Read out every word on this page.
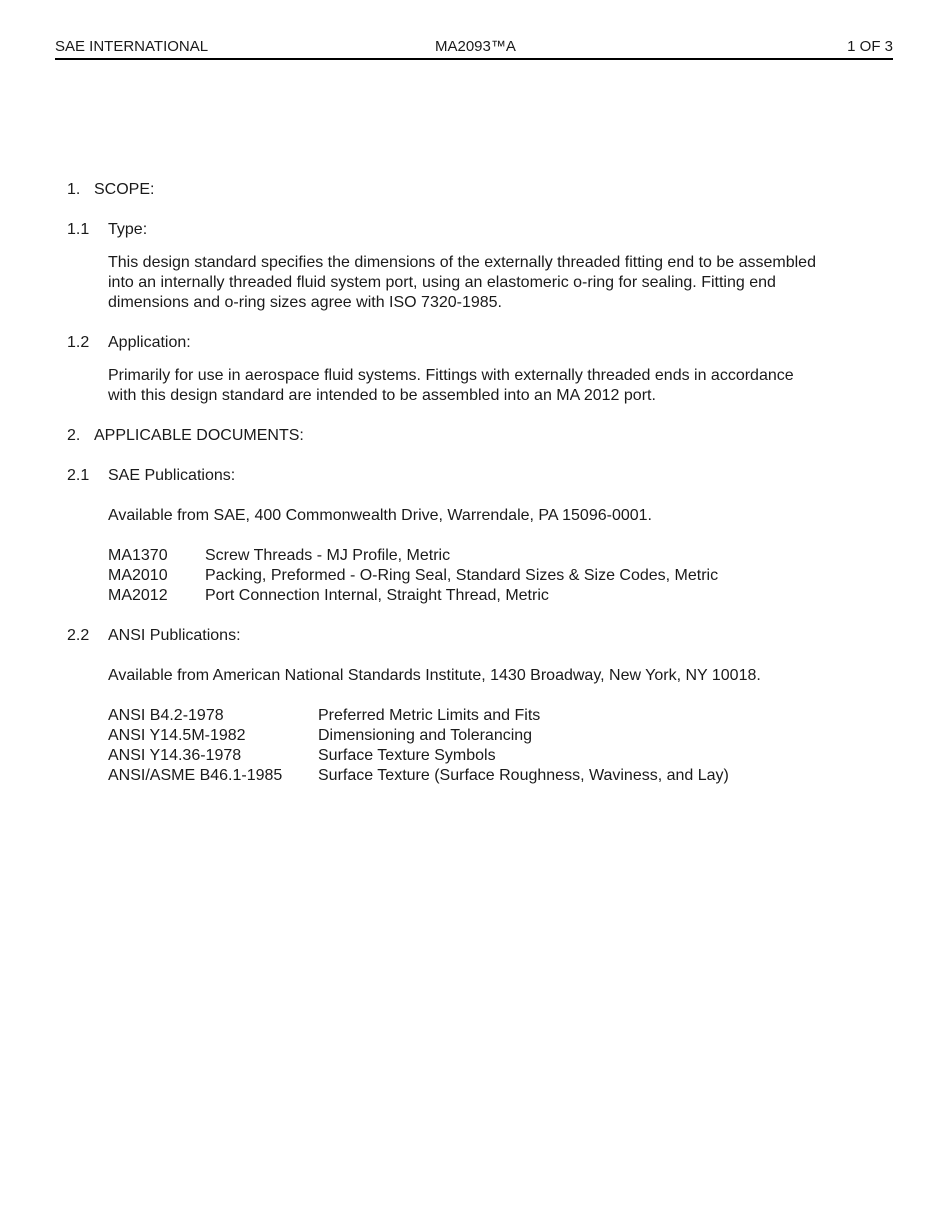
SAE INTERNATIONAL	MA2093™A	1 OF 3
1. SCOPE:
1.1	Type:
This design standard specifies the dimensions of the externally threaded fitting end to be assembled
into an internally threaded fluid system port, using an elastomeric o-ring for sealing. Fitting end
dimensions and o-ring sizes agree with ISO 7320-1985.
1.2	Application:
Primarily for use in aerospace fluid systems. Fittings with externally threaded ends in accordance
with this design standard are intended to be assembled into an MA 2012 port.
2. APPLICABLE DOCUMENTS:
2.1	SAE Publications:
Available from SAE, 400 Commonwealth Drive, Warrendale, PA 15096-0001.
MA1370	Screw Threads - MJ Profile, Metric
MA2010	Packing, Preformed - O-Ring Seal, Standard Sizes & Size Codes, Metric
MA2012	Port Connection Internal, Straight Thread, Metric
2.2	ANSI Publications:
Available from American National Standards Institute, 1430 Broadway, New York, NY 10018.
ANSI B4.2-1978	Preferred Metric Limits and Fits
ANSI Y14.5M-1982	Dimensioning and Tolerancing
ANSI Y14.36-1978	Surface Texture Symbols
ANSI/ASME B46.1-1985	Surface Texture (Surface Roughness, Waviness, and Lay)
